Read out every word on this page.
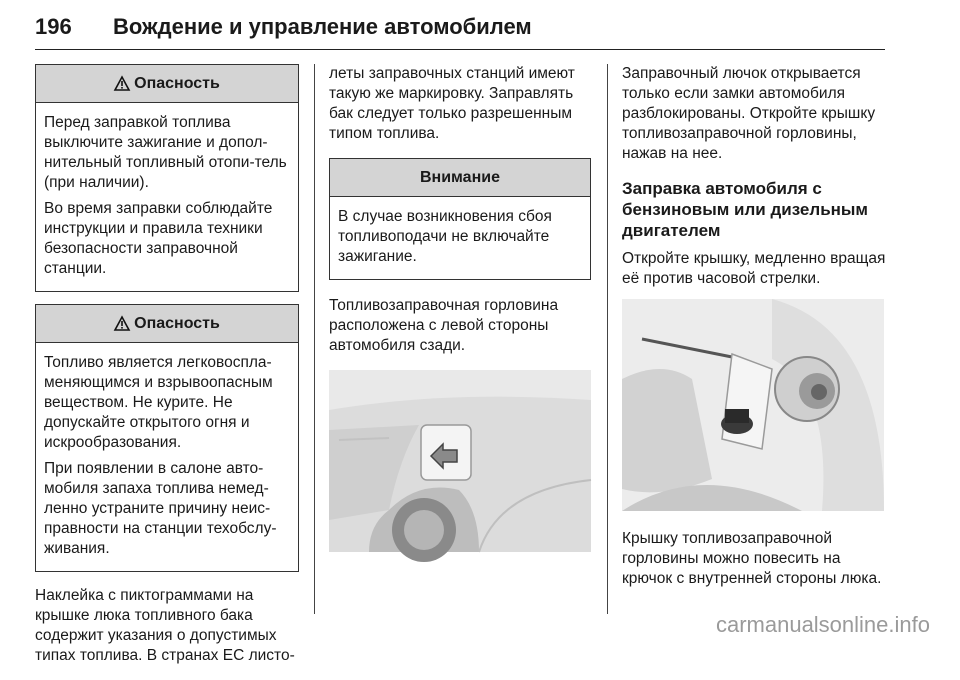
196 Вождение и управление автомобилем
Опасность

Перед заправкой топлива выключите зажигание и допол-нительный топливный отопи-тель (при наличии).

Во время заправки соблюдайте инструкции и правила техники безопасности заправочной станции.

Опасность

Топливо является легковоспла-меняющимся и взрывоопасным веществом. Не курите. Не допускайте открытого огня и искрообразования.

При появлении в салоне авто-мобиля запаха топлива немед-ленно устраните причину неис-правности на станции техобслу-живания.

Наклейка с пиктограммами на крышке люка топливного бака содержит указания о допустимых типах топлива. В странах ЕС листо-

леты заправочных станций имеют такую же маркировку. Заправлять бак следует только разрешенным типом топлива.

Внимание

В случае возникновения сбоя топливоподачи не включайте зажигание.

Топливозаправочная горловина расположена с левой стороны автомобиля сзади.

Заправочный лючок открывается только если замки автомобиля разблокированы. Откройте крышку топливозаправочной горловины, нажав на нее.

Заправка автомобиля с бензиновым или дизельным двигателем

Откройте крышку, медленно вращая её против часовой стрелки.

Крышку топливозаправочной горловины можно повесить на крючок с внутренней стороны люка.

carmanualsonline.info
